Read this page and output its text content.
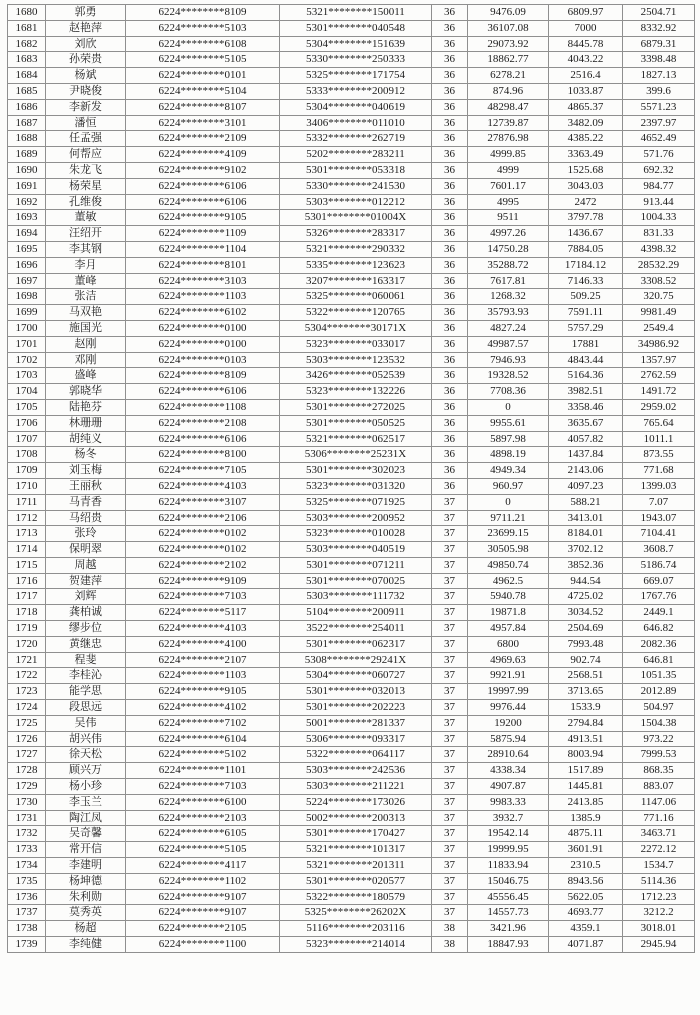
1680	郭勇	6224********8109	5321********150011	36	9476.09	6809.97	2504.71
1681	赵艳萍	6224********5103	5301********040548	36	36107.08	7000	8332.92
1682	刘欣	6224********6108	5304********151639	36	29073.92	8445.78	6879.31
1683	孙荣贵	6224********5105	5330********250333	36	18862.77	4043.22	3398.48
1684	杨斌	6224********0101	5325********171754	36	6278.21	2516.4	1827.13
1685	尹晓俊	6224********5104	5333********200912	36	874.96	1033.87	399.6
1686	李新发	6224********8107	5304********040619	36	48298.47	4865.37	5571.23
1687	潘恒	6224********3101	3406********011010	36	12739.87	3482.09	2397.97
1688	任孟强	6224********2109	5332********262719	36	27876.98	4385.22	4652.49
1689	何帮应	6224********4109	5202********283211	36	4999.85	3363.49	571.76
1690	朱龙飞	6224********9102	5301********053318	36	4999	1525.68	692.32
1691	杨荣星	6224********6106	5330********241530	36	7601.17	3043.03	984.77
1692	孔维俊	6224********6106	5303********012212	36	4995	2472	913.44
1693	董敏	6224********9105	5301********01004X	36	9511	3797.78	1004.33
1694	汪绍开	6224********1109	5326********283317	36	4997.26	1436.67	831.33
1695	李其钢	6224********1104	5321********290332	36	14750.28	7884.05	4398.32
1696	李月	6224********8101	5335********123623	36	35288.72	17184.12	28532.29
1697	董峰	6224********3103	3207********163317	36	7617.81	7146.33	3308.52
1698	张洁	6224********1103	5325********060061	36	1268.32	509.25	320.75
1699	马双艳	6224********6102	5322********120765	36	35793.93	7591.11	9981.49
1700	施国光	6224********0100	5304********30171X	36	4827.24	5757.29	2549.4
1701	赵刚	6224********0100	5323********033017	36	49987.57	17881	34986.92
1702	邓刚	6224********0103	5303********123532	36	7946.93	4843.44	1357.97
1703	盛峰	6224********8109	3426********052539	36	19328.52	5164.36	2762.59
1704	郭晓华	6224********6106	5323********132226	36	7708.36	3982.51	1491.72
1705	陆艳芬	6224********1108	5301********272025	36	0	3358.46	2959.02
1706	林珊珊	6224********2108	5301********050525	36	9955.61	3635.67	765.64
1707	胡纯义	6224********6106	5321********062517	36	5897.98	4057.82	1011.1
1708	杨冬	6224********8100	5306********25231X	36	4898.19	1437.84	873.55
1709	刘玉梅	6224********7105	5301********302023	36	4949.34	2143.06	771.68
1710	王丽秋	6224********4103	5323********031320	36	960.97	4097.23	1399.03
1711	马青香	6224********3107	5325********071925	37	0	588.21	7.07
1712	马绍贵	6224********2106	5303********200952	37	9711.21	3413.01	1943.07
1713	张玲	6224********0102	5323********010028	37	23699.15	8184.01	7104.41
1714	保明翠	6224********0102	5303********040519	37	30505.98	3702.12	3608.7
1715	周越	6224********2102	5301********071211	37	49850.74	3852.36	5186.74
1716	贺建萍	6224********9109	5301********070025	37	4962.5	944.54	669.07
1717	刘辉	6224********7103	5303********111732	37	5940.78	4725.02	1767.76
1718	龚柏诚	6224********5117	5104********200911	37	19871.8	3034.52	2449.1
1719	缪步位	6224********4103	3522********254011	37	4957.84	2504.69	646.82
1720	黄继忠	6224********4100	5301********062317	37	6800	7993.48	2082.36
1721	程斐	6224********2107	5308********29241X	37	4969.63	902.74	646.81
1722	李桂沁	6224********1103	5304********060727	37	9921.91	2568.51	1051.35
1723	能学思	6224********9105	5301********032013	37	19997.99	3713.65	2012.89
1724	段思远	6224********4102	5301********202223	37	9976.44	1533.9	504.97
1725	吴伟	6224********7102	5001********281337	37	19200	2794.84	1504.38
1726	胡兴伟	6224********6104	5306********093317	37	5875.94	4913.51	973.22
1727	徐天松	6224********5102	5322********064117	37	28910.64	8003.94	7999.53
1728	顾兴万	6224********1101	5303********242536	37	4338.34	1517.89	868.35
1729	杨小珍	6224********7103	5303********211221	37	4907.87	1445.81	883.07
1730	李玉兰	6224********6100	5224********173026	37	9983.33	2413.85	1147.06
1731	陶江凤	6224********2103	5002********200313	37	3932.7	1385.9	771.16
1732	吴奇馨	6224********6105	5301********170427	37	19542.14	4875.11	3463.71
1733	常开信	6224********5105	5321********101317	37	19999.95	3601.91	2272.12
1734	李建明	6224********4117	5321********201311	37	11833.94	2310.5	1534.7
1735	杨坤德	6224********1102	5301********020577	37	15046.75	8943.56	5114.36
1736	朱利勋	6224********9107	5322********180579	37	45556.45	5622.05	1712.23
1737	莫秀英	6224********9107	5325********26202X	37	14557.73	4693.77	3212.2
1738	杨超	6224********2105	5116********203116	38	3421.96	4359.1	3018.01
1739	李纯健	6224********1100	5323********214014	38	18847.93	4071.87	2945.94
